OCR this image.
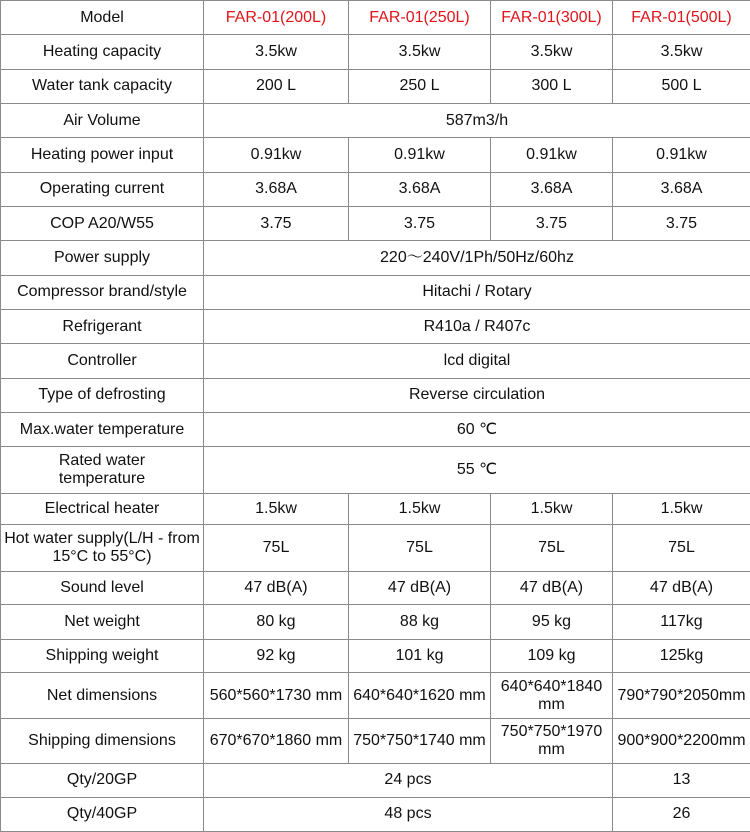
Model	FAR-01(200L)	FAR-01(250L)	FAR-01(300L)	FAR-01(500L)
Heating capacity	3.5kw	3.5kw	3.5kw	3.5kw
Water tank capacity	200 L	250 L	300 L	500 L
Air Volume	587m3/h			
Heating power input	0.91kw	0.91kw	0.91kw	0.91kw
Operating current	3.68A	3.68A	3.68A	3.68A
COP A20/W55	3.75	3.75	3.75	3.75
Power supply	220～240V/1Ph/50Hz/60hz			
Compressor brand/style	Hitachi / Rotary			
Refrigerant	R410a / R407c			
Controller	lcd digital			
Type of defrosting	Reverse circulation			
Max.water temperature	60 ℃			
Rated water temperature	55 ℃			
Electrical heater	1.5kw	1.5kw	1.5kw	1.5kw
Hot water supply(L/H - from 15°C to 55°C)	75L	75L	75L	75L
Sound level	47 dB(A)	47 dB(A)	47 dB(A)	47 dB(A)
Net weight	80 kg	88 kg	95 kg	117kg
Shipping weight	92 kg	101 kg	109 kg	125kg
Net dimensions	560*560*1730 mm	640*640*1620 mm	640*640*1840 mm	790*790*2050mm
Shipping dimensions	670*670*1860 mm	750*750*1740 mm	750*750*1970 mm	900*900*2200mm
Qty/20GP	24 pcs			13
Qty/40GP	48 pcs			26
